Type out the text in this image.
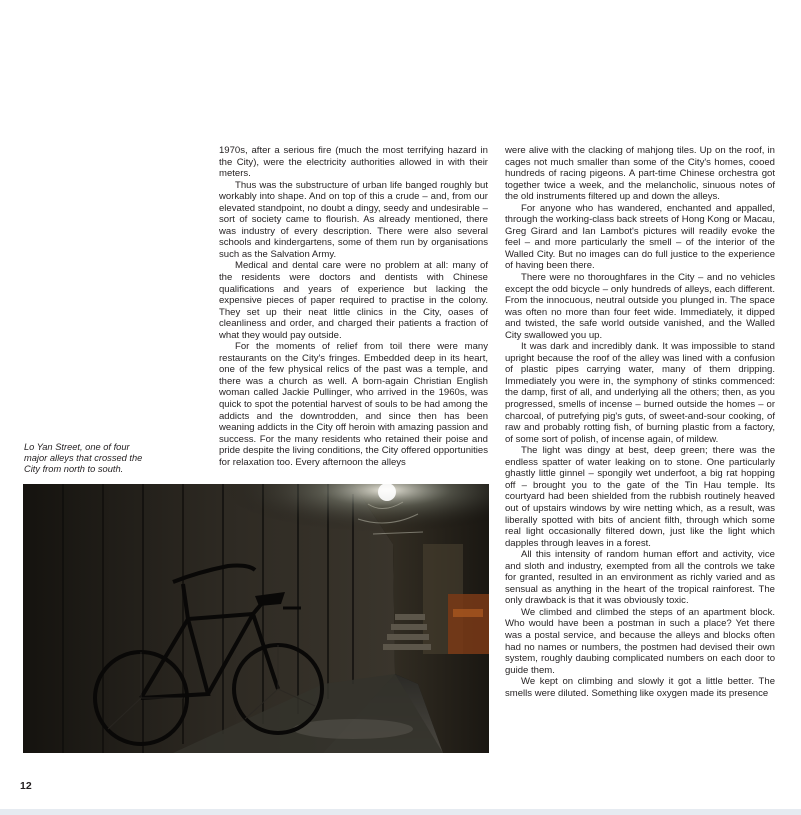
1970s, after a serious fire (much the most terrifying hazard in the City), were the electricity authorities allowed in with their meters.

Thus was the substructure of urban life banged roughly but workably into shape. And on top of this a crude – and, from our elevated standpoint, no doubt a dingy, seedy and undesirable – sort of society came to flourish. As already mentioned, there was industry of every description. There were also several schools and kindergartens, some of them run by organisations such as the Salvation Army.

Medical and dental care were no problem at all: many of the residents were doctors and dentists with Chinese qualifications and years of experience but lacking the expensive pieces of paper required to practise in the colony. They set up their neat little clinics in the City, oases of cleanliness and order, and charged their patients a fraction of what they would pay outside.

For the moments of relief from toil there were many restaurants on the City's fringes. Embedded deep in its heart, one of the few physical relics of the past was a temple, and there was a church as well. A born-again Christian English woman called Jackie Pullinger, who arrived in the 1960s, was quick to spot the potential harvest of souls to be had among the addicts and the downtrodden, and since then has been weaning addicts in the City off heroin with amazing passion and success. For the many residents who retained their poise and pride despite the living conditions, the City offered opportunities for relaxation too. Every afternoon the alleys

were alive with the clacking of mahjong tiles. Up on the roof, in cages not much smaller than some of the City's homes, cooed hundreds of racing pigeons. A part-time Chinese orchestra got together twice a week, and the melancholic, sinuous notes of the old instruments filtered up and down the alleys.

For anyone who has wandered, enchanted and appalled, through the working-class back streets of Hong Kong or Macau, Greg Girard and Ian Lambot's pictures will readily evoke the feel – and more particularly the smell – of the interior of the Walled City. But no images can do full justice to the experience of having been there.

There were no thoroughfares in the City – and no vehicles except the odd bicycle – only hundreds of alleys, each different. From the innocuous, neutral outside you plunged in. The space was often no more than four feet wide. Immediately, it dipped and twisted, the safe world outside vanished, and the Walled City swallowed you up.

It was dark and incredibly dank. It was impossible to stand upright because the roof of the alley was lined with a confusion of plastic pipes carrying water, many of them dripping. Immediately you were in, the symphony of stinks commenced: the damp, first of all, and underlying all the others; then, as you progressed, smells of incense – burned outside the homes – or charcoal, of putrefying pig's guts, of sweet-and-sour cooking, of raw and probably rotting fish, of burning plastic from a factory, of some sort of polish, of incense again, of mildew.

The light was dingy at best, deep green; there was the endless spatter of water leaking on to stone. One particularly ghastly little ginnel – spongily wet underfoot, a big rat hopping off – brought you to the gate of the Tin Hau temple. Its courtyard had been shielded from the rubbish routinely heaved out of upstairs windows by wire netting which, as a result, was liberally spotted with bits of ancient filth, through which some real light occasionally filtered down, just like the light which dapples through leaves in a forest.

All this intensity of random human effort and activity, vice and sloth and industry, exempted from all the controls we take for granted, resulted in an environment as richly varied and as sensual as anything in the heart of the tropical rainforest. The only drawback is that it was obviously toxic.

We climbed and climbed the steps of an apartment block. Who would have been a postman in such a place? Yet there was a postal service, and because the alleys and blocks often had no names or numbers, the postmen had devised their own system, roughly daubing complicated numbers on each door to guide them.

We kept on climbing and slowly it got a little better. The smells were diluted. Something like oxygen made its presence

Lo Yan Street, one of four major alleys that crossed the City from north to south.
12
